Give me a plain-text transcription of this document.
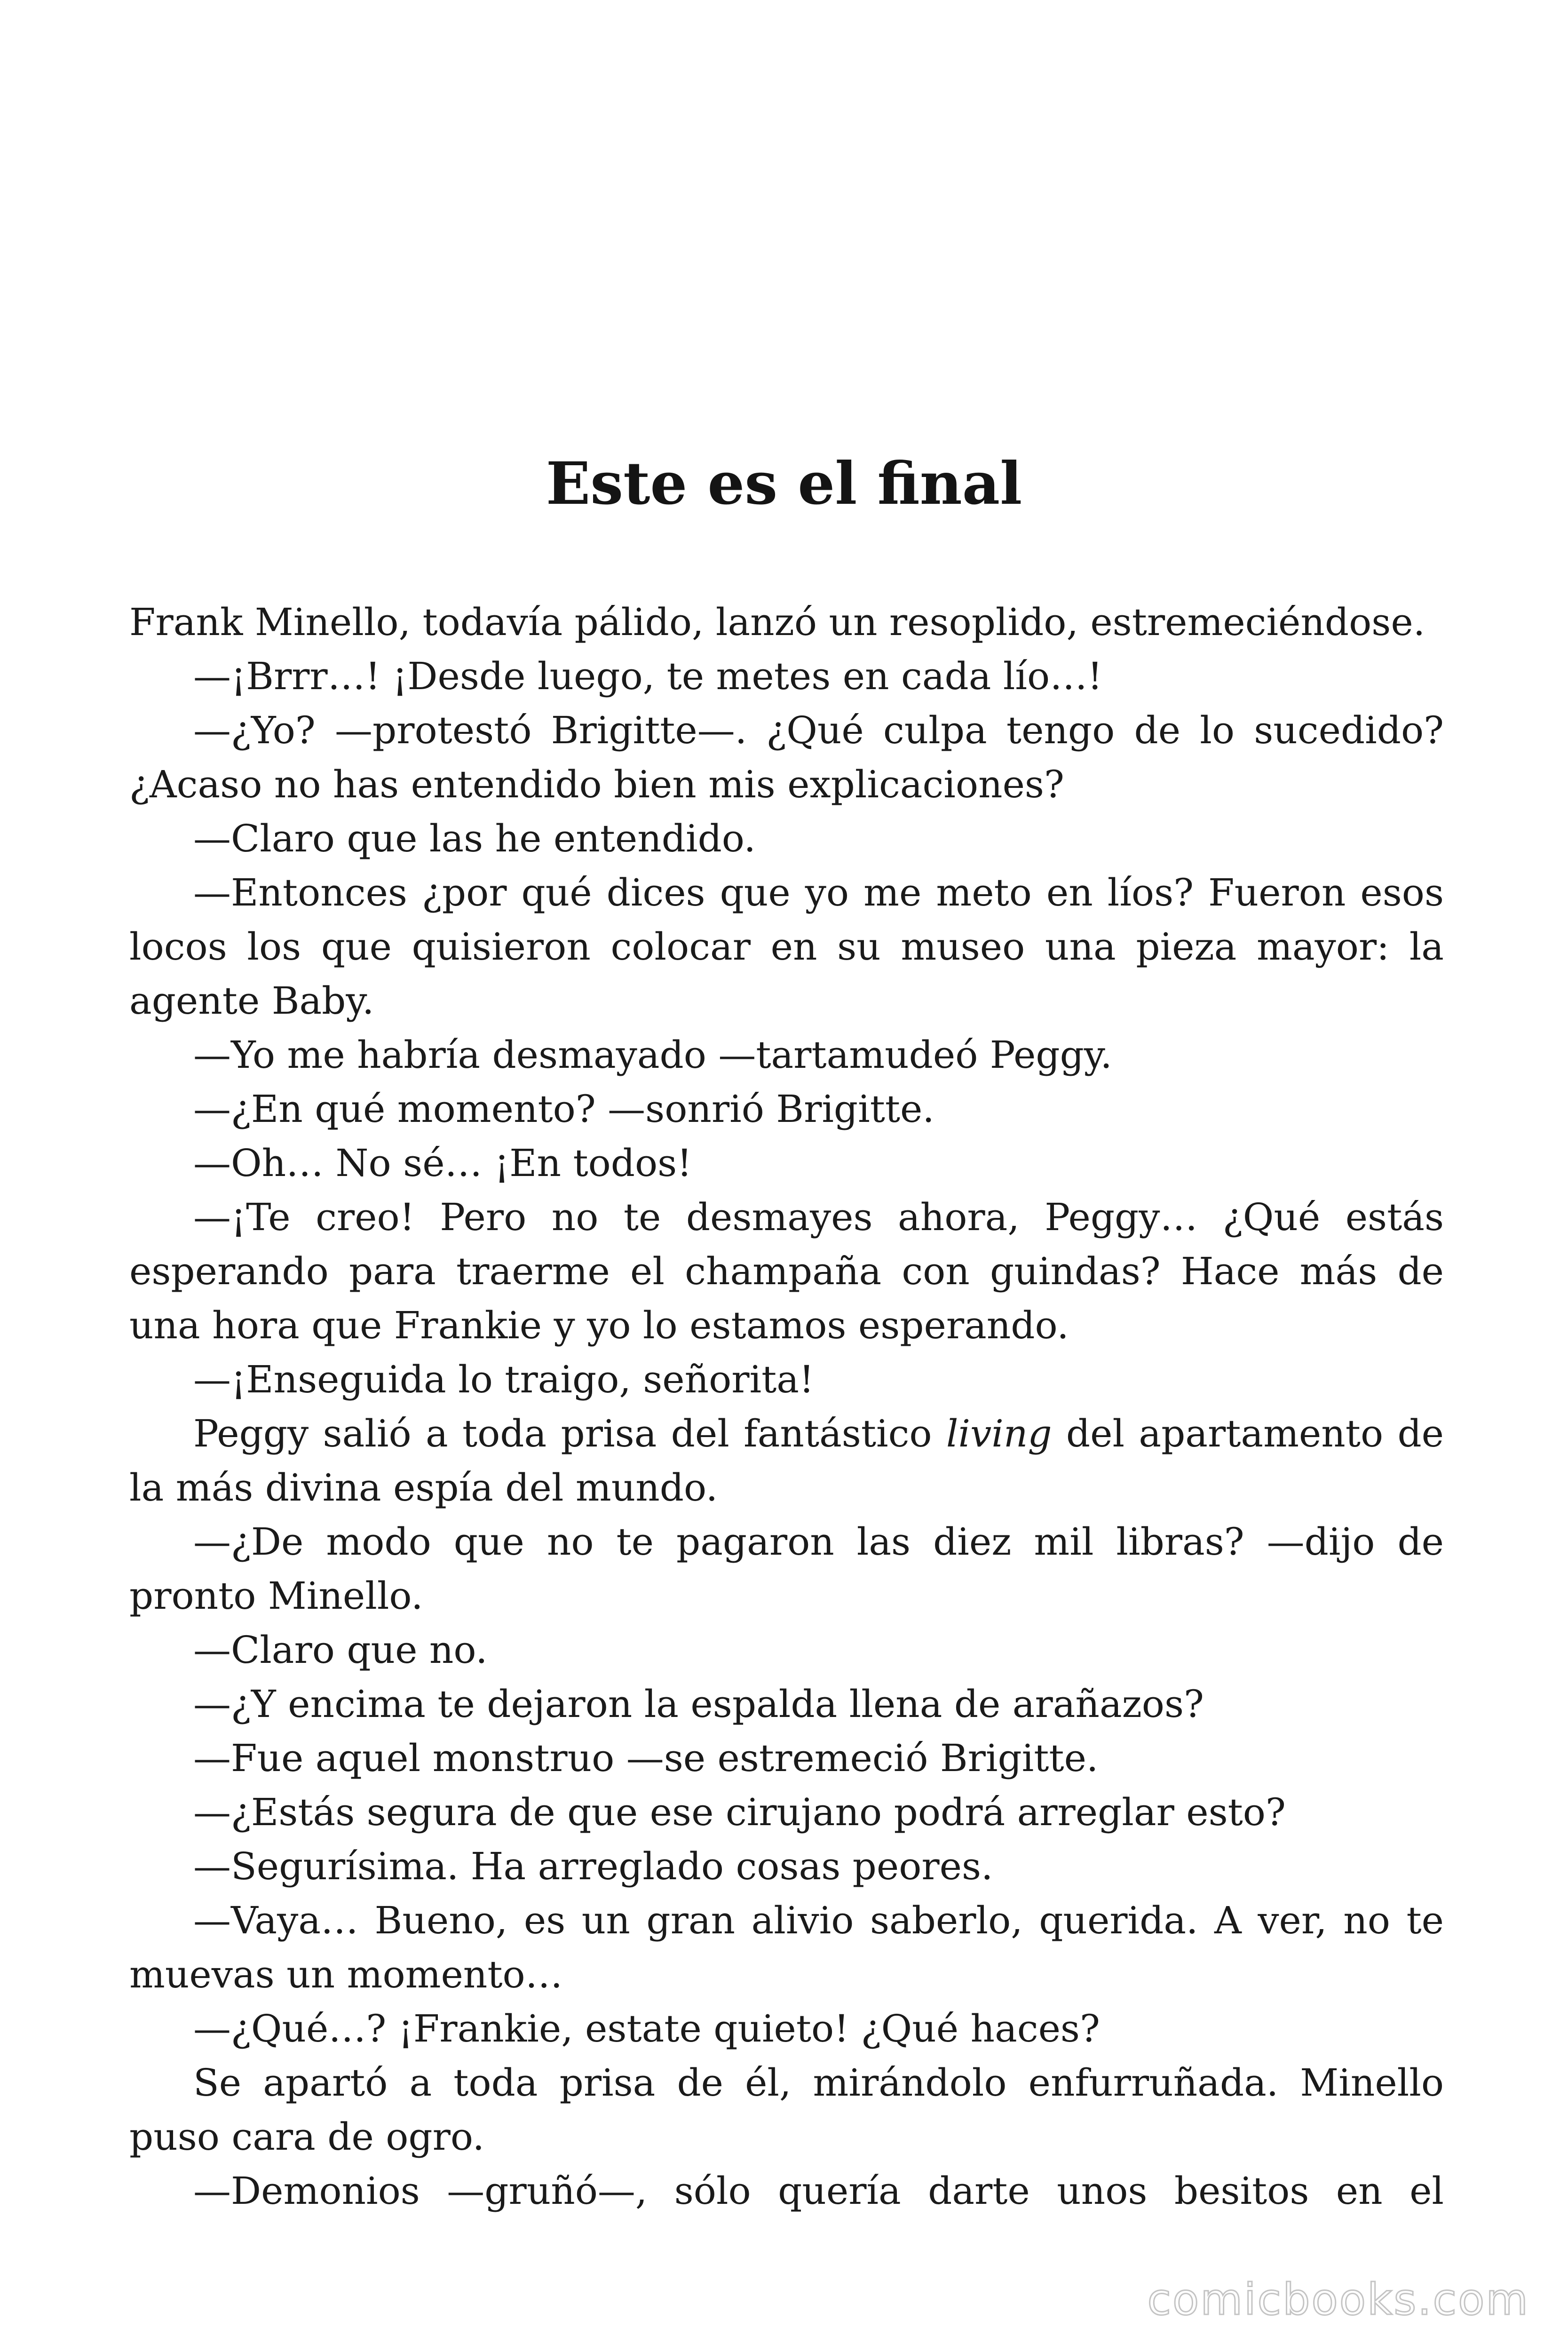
Este es el final

Frank Minello, todavía pálido, lanzó un resoplido, estremeciéndose.

—¡Brrr…! ¡Desde luego, te metes en cada lío…!

—¿Yo? —protestó Brigitte—. ¿Qué culpa tengo de lo sucedido? ¿Acaso no has entendido bien mis explicaciones?

—Claro que las he entendido.

—Entonces ¿por qué dices que yo me meto en líos? Fueron esos locos los que quisieron colocar en su museo una pieza mayor: la agente Baby.

—Yo me habría desmayado —tartamudeó Peggy.

—¿En qué momento? —sonrió Brigitte.

—Oh… No sé… ¡En todos!

—¡Te creo! Pero no te desmayes ahora, Peggy… ¿Qué estás esperando para traerme el champaña con guindas? Hace más de una hora que Frankie y yo lo estamos esperando.

—¡Enseguida lo traigo, señorita!

Peggy salió a toda prisa del fantástico living del apartamento de la más divina espía del mundo.

—¿De modo que no te pagaron las diez mil libras? —dijo de pronto Minello.

—Claro que no.

—¿Y encima te dejaron la espalda llena de arañazos?

—Fue aquel monstruo —se estremeció Brigitte.

—¿Estás segura de que ese cirujano podrá arreglar esto?

—Segurísima. Ha arreglado cosas peores.

—Vaya… Bueno, es un gran alivio saberlo, querida. A ver, no te muevas un momento…

—¿Qué…? ¡Frankie, estate quieto! ¿Qué haces?

Se apartó a toda prisa de él, mirándolo enfurruñada. Minello puso cara de ogro.

—Demonios —gruñó—, sólo quería darte unos besitos en el

comicbooks.com
